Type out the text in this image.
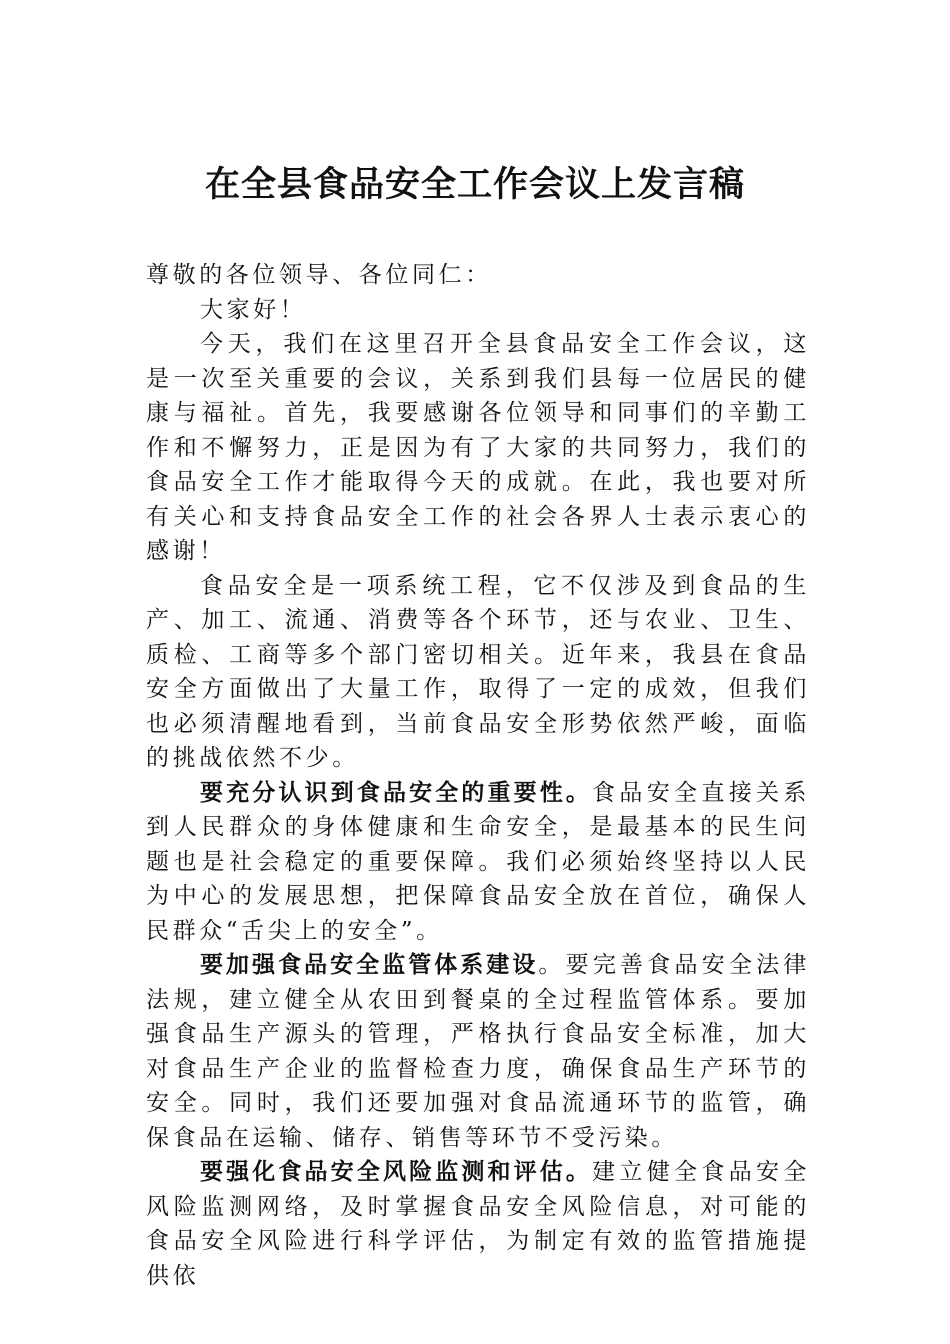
在全县食品安全工作会议上发言稿

尊敬的各位领导、各位同仁：

大家好！

今天，我们在这里召开全县食品安全工作会议，这是一次至关重要的会议，关系到我们县每一位居民的健康与福祉。首先，我要感谢各位领导和同事们的辛勤工作和不懈努力，正是因为有了大家的共同努力，我们的食品安全工作才能取得今天的成就。在此，我也要对所有关心和支持食品安全工作的社会各界人士表示衷心的感谢！

食品安全是一项系统工程，它不仅涉及到食品的生产、加工、流通、消费等各个环节，还与农业、卫生、质检、工商等多个部门密切相关。近年来，我县在食品安全方面做出了大量工作，取得了一定的成效，但我们也必须清醒地看到，当前食品安全形势依然严峻，面临的挑战依然不少。

要充分认识到食品安全的重要性。食品安全直接关系到人民群众的身体健康和生命安全，是最基本的民生问题也是社会稳定的重要保障。我们必须始终坚持以人民为中心的发展思想，把保障食品安全放在首位，确保人民群众“舌尖上的安全”。

要加强食品安全监管体系建设。要完善食品安全法律法规，建立健全从农田到餐桌的全过程监管体系。要加强食品生产源头的管理，严格执行食品安全标准，加大对食品生产企业的监督检查力度，确保食品生产环节的安全。同时，我们还要加强对食品流通环节的监管，确保食品在运输、储存、销售等环节不受污染。

要强化食品安全风险监测和评估。建立健全食品安全风险监测网络，及时掌握食品安全风险信息，对可能的食品安全风险进行科学评估，为制定有效的监管措施提供依
